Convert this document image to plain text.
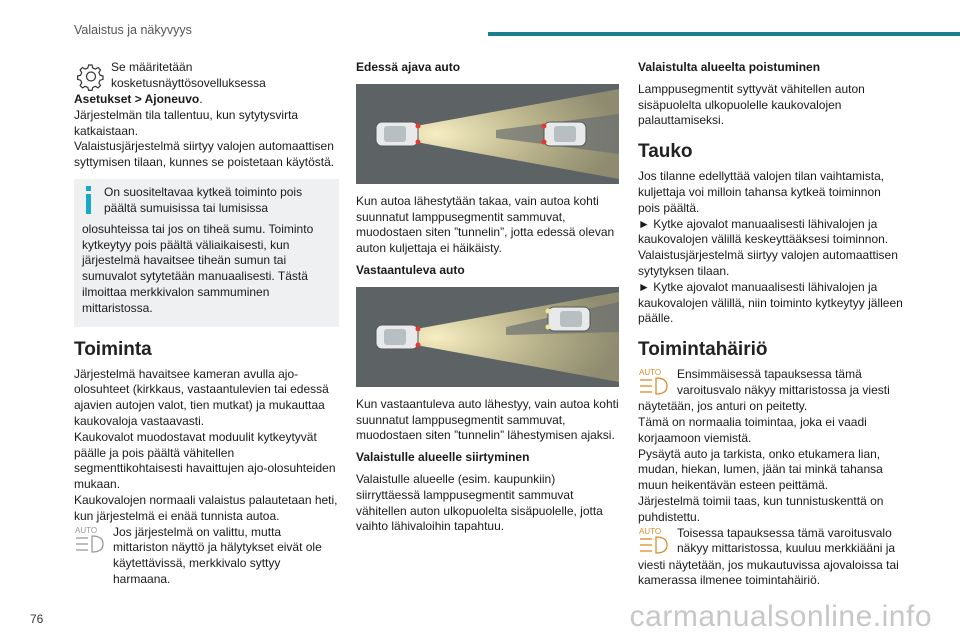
Valaistus ja näkyvyys

Se määritetään kosketusnäyttösovelluksessa

Asetukset > Ajoneuvo.

Järjestelmän tila tallentuu, kun sytytysvirta katkaistaan.

Valaistusjärjestelmä siirtyy valojen automaattisen syttymisen tilaan, kunnes se poistetaan käytöstä.

On suositeltavaa kytkeä toiminto pois päältä sumuisissa tai lumisissa

olosuhteissa tai jos on tiheä sumu. Toiminto kytkeytyy pois päältä väliaikaisesti, kun järjestelmä havaitsee tiheän sumun tai sumuvalot sytytetään manuaalisesti. Tästä ilmoittaa merkkivalon sammuminen mittaristossa.

Toiminta

Järjestelmä havaitsee kameran avulla ajo-olosuhteet (kirkkaus, vastaantulevien tai edessä ajavien autojen valot, tien mutkat) ja mukauttaa kaukovaloja vastaavasti.

Kaukovalot muodostavat moduulit kytkeytyvät päälle ja pois päältä vähitellen segmenttikohtaisesti havaittujen ajo-olosuhteiden mukaan.

Kaukovalojen normaali valaistus palautetaan heti, kun järjestelmä ei enää tunnista autoa.

AUTO Jos järjestelmä on valittu, mutta mittariston näyttö ja hälytykset eivät ole käytettävissä, merkkivalo syttyy harmaana.

Edessä ajava auto

Kun autoa lähestytään takaa, vain autoa kohti suunnatut lamppusegmentit sammuvat, muodostaen siten ”tunnelin”, jotta edessä olevan auton kuljettaja ei häikäisty.

Vastaantuleva auto

Kun vastaantuleva auto lähestyy, vain autoa kohti suunnatut lamppusegmentit sammuvat, muodostaen siten ”tunnelin” lähestymisen ajaksi.

Valaistulle alueelle siirtyminen

Valaistulle alueelle (esim. kaupunkiin) siirryttäessä lamppusegmentit sammuvat vähitellen auton ulkopuolelta sisäpuolelle, jotta vaihto lähivaloihin tapahtuu.

Valaistulta alueelta poistuminen

Lamppusegmentit syttyvät vähitellen auton sisäpuolelta ulkopuolelle kaukovalojen palauttamiseksi.

Tauko

Jos tilanne edellyttää valojen tilan vaihtamista, kuljettaja voi milloin tahansa kytkeä toiminnon pois päältä.

► Kytke ajovalot manuaalisesti lähivalojen ja kaukovalojen välillä keskeyttääksesi toiminnon.

Valaistusjärjestelmä siirtyy valojen automaattisen sytytyksen tilaan.

► Kytke ajovalot manuaalisesti lähivalojen ja kaukovalojen välillä, niin toiminto kytkeytyy jälleen päälle.

Toimintahäiriö
AUTO Ensimmäisessä tapauksessa tämä varoitusvalo näkyy mittaristossa ja viesti

näytetään, jos anturi on peitetty.

Tämä on normaalia toimintaa, joka ei vaadi korjaamoon viemistä.

Pysäytä auto ja tarkista, onko etukamera lian, mudan, hiekan, lumen, jään tai minkä tahansa muun heikentävän esteen peittämä.

Järjestelmä toimii taas, kun tunnistuskenttä on puhdistettu.

AUTO Toisessa tapauksessa tämä varoitusvalo näkyy mittaristossa, kuuluu merkkiääni ja

viesti näytetään, jos mukautuvissa ajovaloissa tai kamerassa ilmenee toimintahäiriö.

76	carmanualsonline.info
